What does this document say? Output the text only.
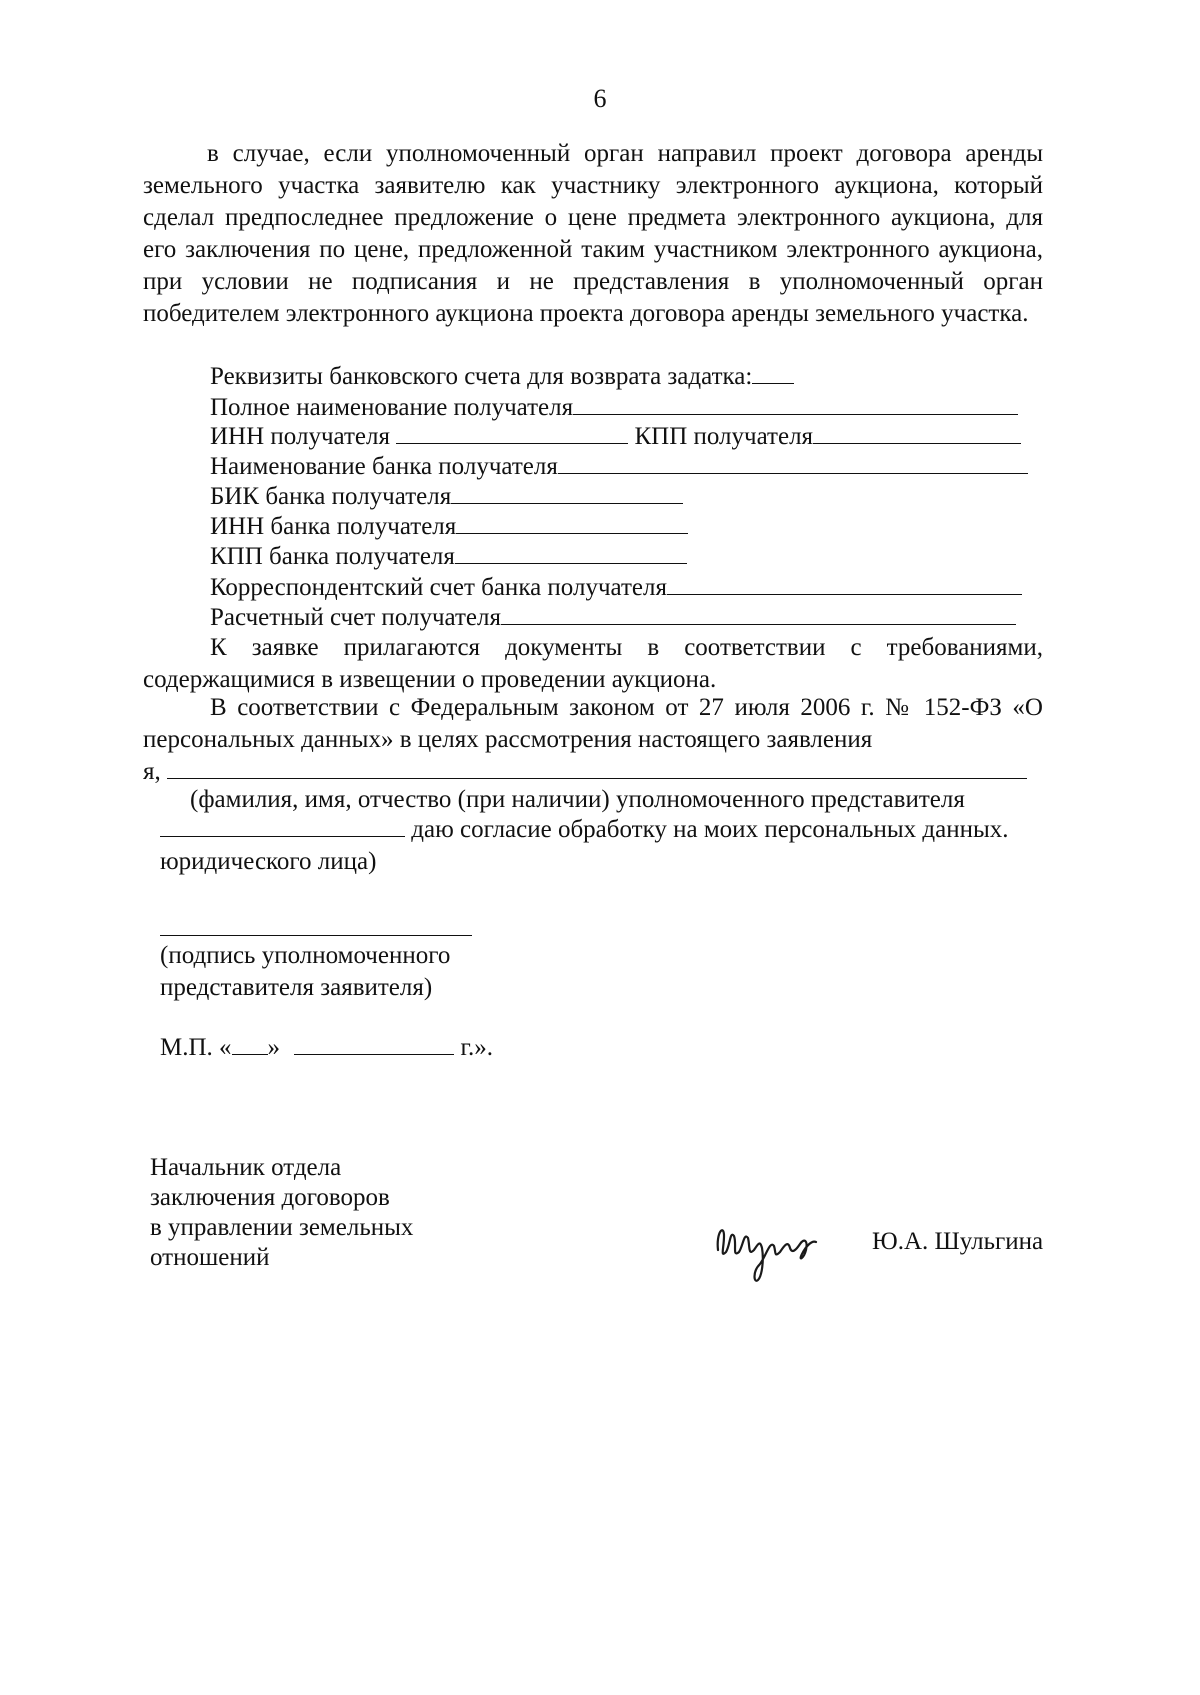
6
в случае, если уполномоченный орган направил проект договора аренды земельного участка заявителю как участнику электронного аукциона, который сделал предпоследнее предложение о цене предмета электронного аукциона, для его заключения по цене, предложенной таким участником электронного аукциона, при условии не подписания и не представления в уполномоченный орган победителем электронного аукциона проекта договора аренды земельного участка.
Реквизиты банковского счета для возврата задатка:
Полное наименование получателя
ИНН получателя	КПП получателя
Наименование банка получателя
БИК банка получателя
ИНН банка получателя
КПП банка получателя
Корреспондентский счет банка получателя
Расчетный счет получателя
К заявке прилагаются документы в соответствии с требованиями, содержащимися в извещении о проведении аукциона.
В соответствии с Федеральным законом от 27 июля 2006 г. № 152-ФЗ «О персональных данных» в целях рассмотрения настоящего заявления
я,
(фамилия, имя, отчество (при наличии) уполномоченного представителя
даю согласие обработку на моих персональных данных.
юридического лица)
(подпись уполномоченного
представителя заявителя)
М.П. « »	г.».
Начальник отдела
заключения договоров
в управлении земельных
отношений
Ю.А. Шульгина
